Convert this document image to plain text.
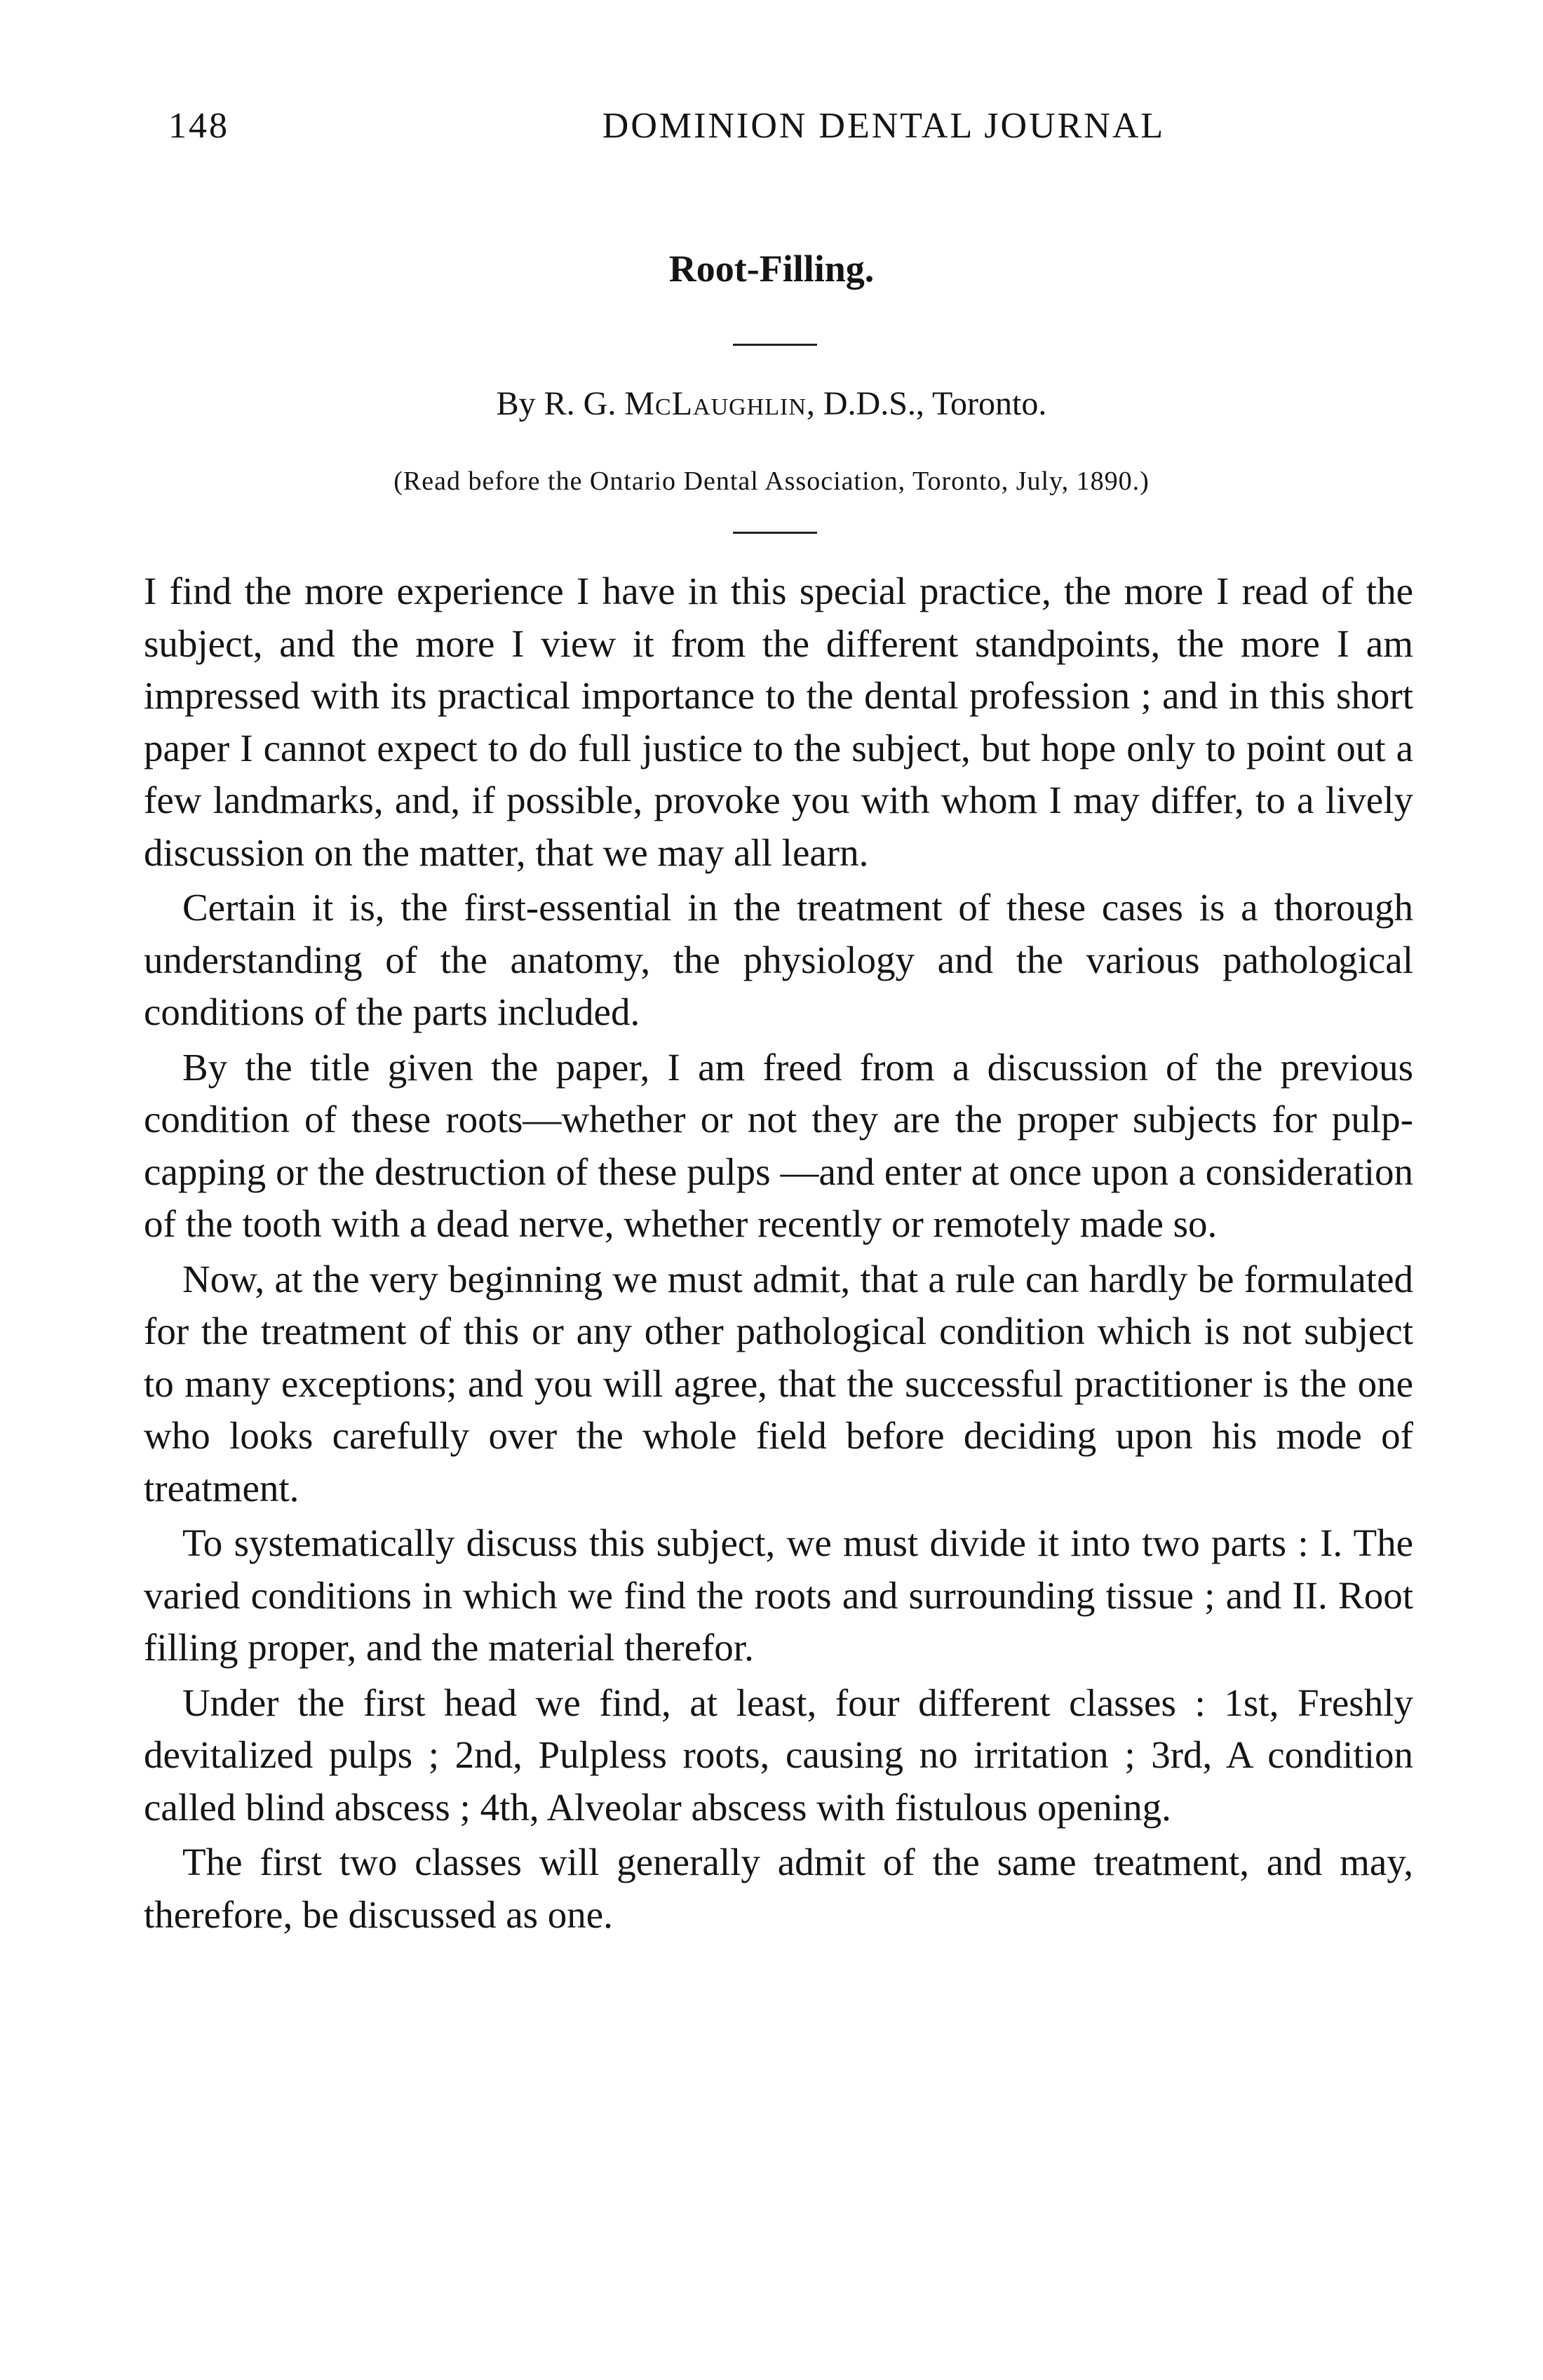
148	DOMINION DENTAL JOURNAL
Root-Filling.
By R. G. McLaughlin, D.D.S., Toronto.
(Read before the Ontario Dental Association, Toronto, July, 1890.)

I find the more experience I have in this special practice, the more I read of the subject, and the more I view it from the different standpoints, the more I am impressed with its practical importance to the dental profession ; and in this short paper I cannot expect to do full justice to the subject, but hope only to point out a few landmarks, and, if possible, provoke you with whom I may differ, to a lively discussion on the matter, that we may all learn.

Certain it is, the first-essential in the treatment of these cases is a thorough understanding of the anatomy, the physiology and the various pathological conditions of the parts included.

By the title given the paper, I am freed from a discussion of the previous condition of these roots—whether or not they are the proper subjects for pulp-capping or the destruction of these pulps —and enter at once upon a consideration of the tooth with a dead nerve, whether recently or remotely made so.

Now, at the very beginning we must admit, that a rule can hardly be formulated for the treatment of this or any other pathological condition which is not subject to many exceptions; and you will agree, that the successful practitioner is the one who looks carefully over the whole field before deciding upon his mode of treatment.

To systematically discuss this subject, we must divide it into two parts : I. The varied conditions in which we find the roots and surrounding tissue ; and II. Root filling proper, and the material therefor.

Under the first head we find, at least, four different classes : 1st, Freshly devitalized pulps ; 2nd, Pulpless roots, causing no irritation ; 3rd, A condition called blind abscess ; 4th, Alveolar abscess with fistulous opening.

The first two classes will generally admit of the same treatment, and may, therefore, be discussed as one.
